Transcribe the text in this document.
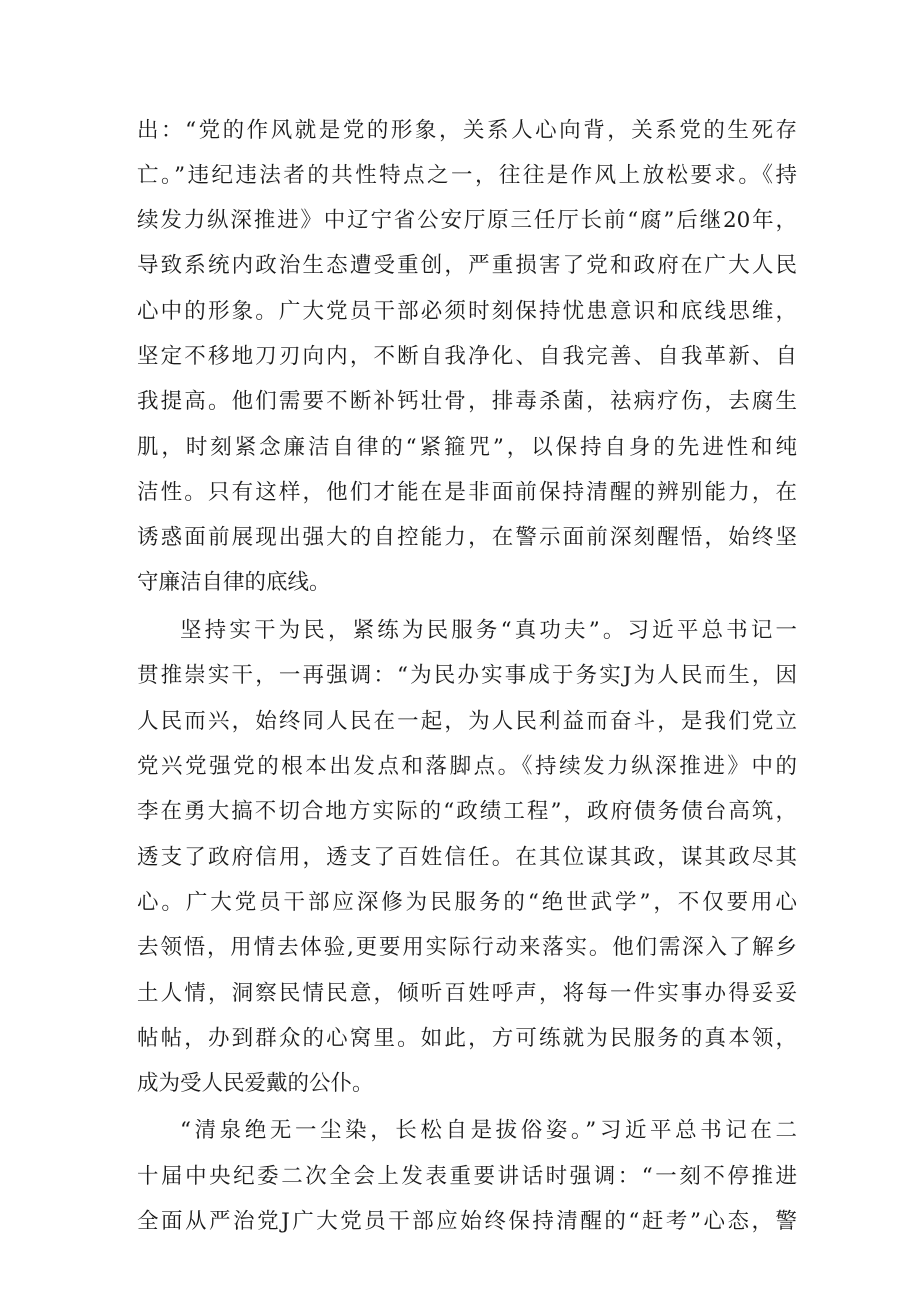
出：“党的作风就是党的形象，关系人心向背，关系党的生死存
亡。”违纪违法者的共性特点之一，往往是作风上放松要求。《持
续发力纵深推进》中辽宁省公安厅原三任厅长前“腐”后继20年，
导致系统内政治生态遭受重创，严重损害了党和政府在广大人民
心中的形象。广大党员干部必须时刻保持忧患意识和底线思维，
坚定不移地刀刃向内，不断自我净化、自我完善、自我革新、自
我提高。他们需要不断补钙壮骨，排毒杀菌，祛病疗伤，去腐生
肌，时刻紧念廉洁自律的“紧箍咒”，以保持自身的先进性和纯
洁性。只有这样，他们才能在是非面前保持清醒的辨别能力，在
诱惑面前展现出强大的自控能力，在警示面前深刻醒悟，始终坚
守廉洁自律的底线。
坚持实干为民，紧练为民服务“真功夫”。习近平总书记一
贯推崇实干，一再强调：“为民办实事成于务实J为人民而生，因
人民而兴，始终同人民在一起，为人民利益而奋斗，是我们党立
党兴党强党的根本出发点和落脚点。《持续发力纵深推进》中的
李在勇大搞不切合地方实际的“政绩工程”，政府债务债台高筑，
透支了政府信用，透支了百姓信任。在其位谋其政，谋其政尽其
心。广大党员干部应深修为民服务的“绝世武学”，不仅要用心
去领悟，用情去体验,更要用实际行动来落实。他们需深入了解乡
土人情，洞察民情民意，倾听百姓呼声，将每一件实事办得妥妥
帖帖，办到群众的心窝里。如此，方可练就为民服务的真本领，
成为受人民爱戴的公仆。
“清泉绝无一尘染，长松自是拔俗姿。”习近平总书记在二
十届中央纪委二次全会上发表重要讲话时强调：“一刻不停推进
全面从严治党J广大党员干部应始终保持清醒的“赶考”心态，警
